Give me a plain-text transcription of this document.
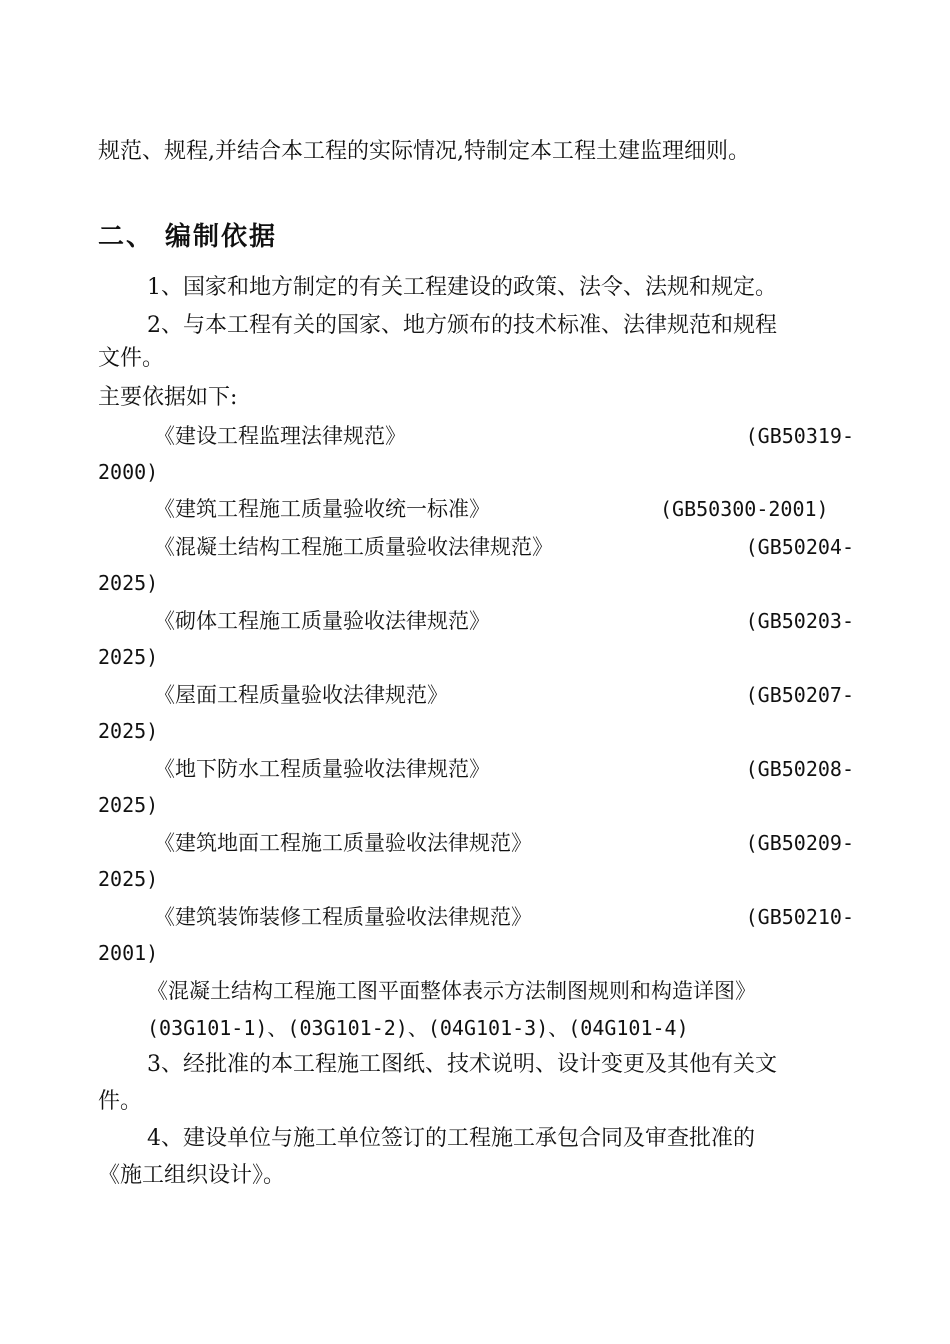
规范、规程,并结合本工程的实际情况,特制定本工程土建监理细则。
二、 编制依据
1、国家和地方制定的有关工程建设的政策、法令、法规和规定。
2、与本工程有关的国家、地方颁布的技术标准、法律规范和规程
文件。
主要依据如下:
《建设工程监理法律规范》	(GB50319-
2000)
《建筑工程施工质量验收统一标准》	(GB50300-2001)
《混凝土结构工程施工质量验收法律规范》	(GB50204-
2025)
《砌体工程施工质量验收法律规范》	(GB50203-
2025)
《屋面工程质量验收法律规范》	(GB50207-
2025)
《地下防水工程质量验收法律规范》	(GB50208-
2025)
《建筑地面工程施工质量验收法律规范》	(GB50209-
2025)
《建筑装饰装修工程质量验收法律规范》	(GB50210-
2001)
《混凝土结构工程施工图平面整体表示方法制图规则和构造详图》
(03G101-1)、(03G101-2)、(04G101-3)、(04G101-4)
3、经批准的本工程施工图纸、技术说明、设计变更及其他有关文
件。
4、建设单位与施工单位签订的工程施工承包合同及审查批准的
《施工组织设计》。
